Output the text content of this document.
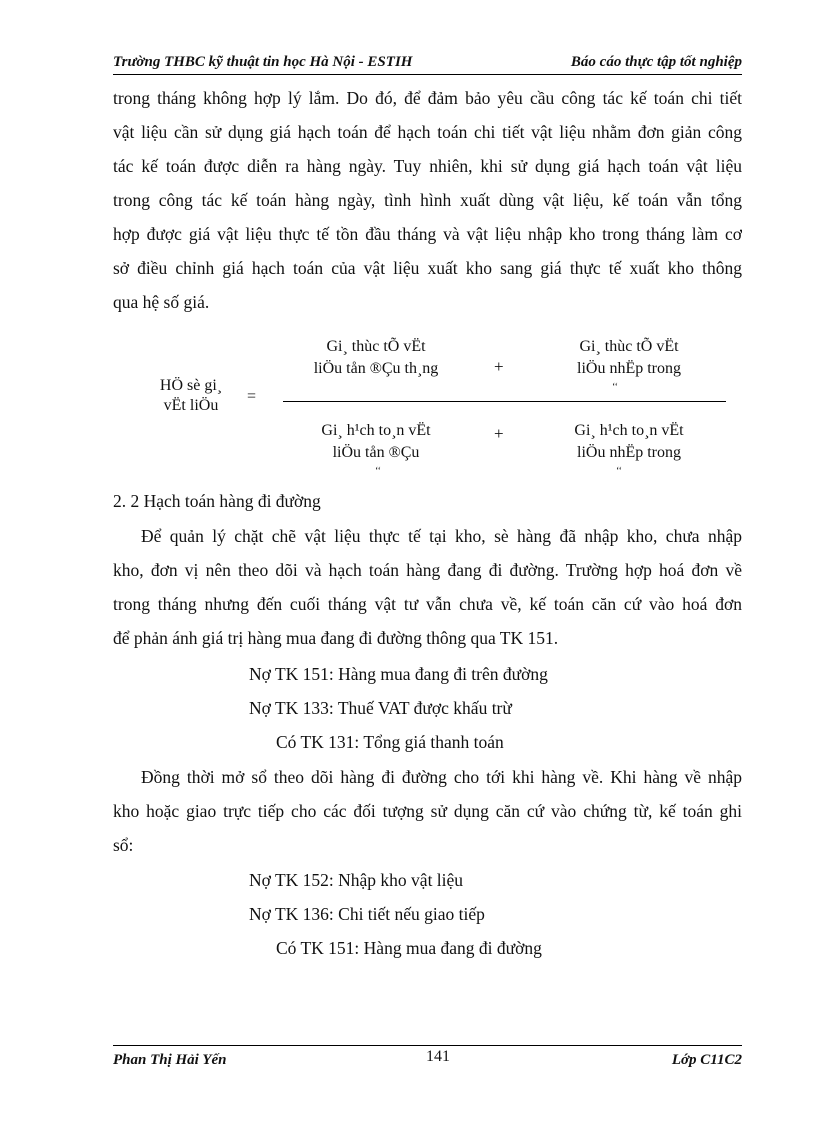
Trường THBC kỹ thuật tin học Hà Nội - ESTIH	Báo cáo thực tập tốt nghiệp
trong tháng không hợp lý lắm. Do đó, để đảm bảo yêu cầu công tác kế toán chi tiết
vật liệu cần sử dụng giá hạch toán để hạch toán chi tiết vật liệu nhằm đơn giản công
tác kế toán được diễn ra hàng ngày. Tuy nhiên, khi sử dụng giá hạch toán vật liệu
trong công tác kế toán hàng ngày, tình hình xuất dùng vật liệu, kế toán vẫn tổng
hợp được giá vật liệu thực tế tồn đầu tháng và vật liệu nhập kho trong tháng làm cơ
sở điều chỉnh giá hạch toán của vật liệu xuất kho sang giá thực tế xuất kho thông
qua hệ số giá.
HÖ sè gi¸
vËt liÖu
=
Gi¸ thùc tÕ vËt
liÖu tån ®Çu th¸ng	+
Gi¸ thùc tÕ vËt
liÖu nhËp trong
‘‘
Gi¸ h¹ch to¸n vËt
liÖu tån ®Çu
‘‘
+	Gi¸ h¹ch to¸n vËt
liÖu nhËp trong
‘‘
2. 2 Hạch toán hàng đi đường
Để quản lý chặt chẽ vật liệu thực tế tại kho, sè hàng đã nhập kho, chưa nhập
kho, đơn vị nên theo dõi và hạch toán hàng đang đi đường. Trường hợp hoá đơn về
trong tháng nhưng đến cuối tháng vật tư vẫn chưa về, kế toán căn cứ vào hoá đơn
để phản ánh giá trị hàng mua đang đi đường thông qua TK 151.
Nợ TK 151: Hàng mua đang đi trên đường
Nợ TK 133: Thuế VAT được khấu trừ
Có TK 131: Tổng giá thanh toán
Đồng thời mở sổ theo dõi hàng đi đường cho tới khi hàng về. Khi hàng về nhập
kho hoặc giao trực tiếp cho các đối tượng sử dụng căn cứ vào chứng từ, kế toán ghi
sổ:
Nợ TK 152: Nhập kho vật liệu
Nợ TK 136: Chi tiết nếu giao tiếp
Có TK 151: Hàng mua đang đi đường
Phan Thị Hải Yến	141	Lớp C11C2
